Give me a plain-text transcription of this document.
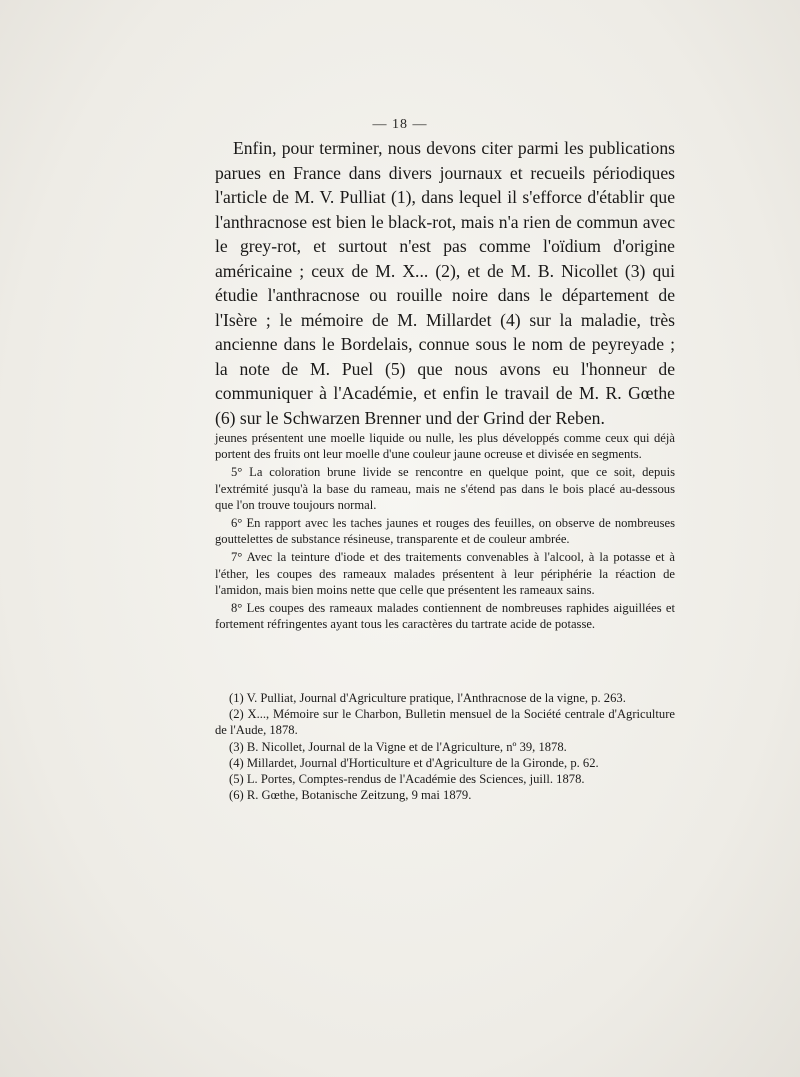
— 18 —

Enfin, pour terminer, nous devons citer parmi les publications parues en France dans divers journaux et recueils périodiques l'article de M. V. Pulliat (1), dans lequel il s'efforce d'établir que l'anthracnose est bien le black-rot, mais n'a rien de commun avec le grey-rot, et surtout n'est pas comme l'oïdium d'origine américaine ; ceux de M. X... (2), et de M. B. Nicollet (3) qui étudie l'anthracnose ou rouille noire dans le département de l'Isère ; le mémoire de M. Millardet (4) sur la maladie, très ancienne dans le Bordelais, connue sous le nom de peyreyade ; la note de M. Puel (5) que nous avons eu l'honneur de communiquer à l'Académie, et enfin le travail de M. R. Gœthe (6) sur le Schwarzen Brenner und der Grind der Reben.

jeunes présentent une moelle liquide ou nulle, les plus développés comme ceux qui déjà portent des fruits ont leur moelle d'une couleur jaune ocreuse et divisée en segments.

5° La coloration brune livide se rencontre en quelque point, que ce soit, depuis l'extrémité jusqu'à la base du rameau, mais ne s'étend pas dans le bois placé au-dessous que l'on trouve toujours normal.

6° En rapport avec les taches jaunes et rouges des feuilles, on observe de nombreuses gouttelettes de substance résineuse, transparente et de couleur ambrée.

7° Avec la teinture d'iode et des traitements convenables à l'alcool, à la potasse et à l'éther, les coupes des rameaux malades présentent à leur périphérie la réaction de l'amidon, mais bien moins nette que celle que présentent les rameaux sains.

8° Les coupes des rameaux malades contiennent de nombreuses raphides aiguillées et fortement réfringentes ayant tous les caractères du tartrate acide de potasse.

(1) V. Pulliat, Journal d'Agriculture pratique, l'Anthracnose de la vigne, p. 263.

(2) X..., Mémoire sur le Charbon, Bulletin mensuel de la Société centrale d'Agriculture de l'Aude, 1878.

(3) B. Nicollet, Journal de la Vigne et de l'Agriculture, nº 39, 1878.

(4) Millardet, Journal d'Horticulture et d'Agriculture de la Gironde, p. 62.

(5) L. Portes, Comptes-rendus de l'Académie des Sciences, juill. 1878.

(6) R. Gœthe, Botanische Zeitzung, 9 mai 1879.
